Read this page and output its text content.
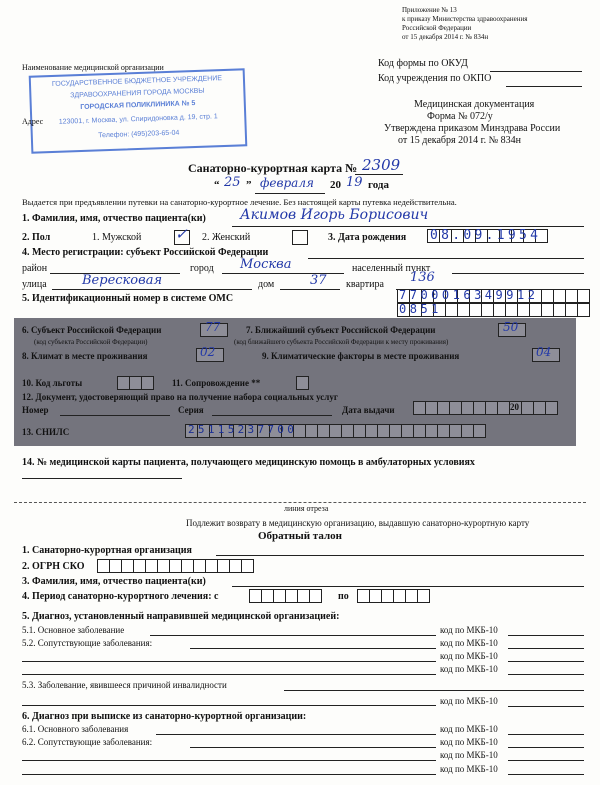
Приложение № 13
к приказу Министерства здравоохранения
Российской Федерации
от 15 декабря 2014 г. № 834н
Наименование медицинской организации	Код формы по ОКУД
Код учреждения по ОКПО
Медицинская документация
Форма № 072/у
Утверждена приказом Минздрава России
от 15 декабря 2014 г. № 834н
ГОСУДАРСТВЕННОЕ БЮДЖЕТНОЕ УЧРЕЖДЕНИЕ
ЗДРАВООХРАНЕНИЯ ГОРОДА МОСКВЫ
ГОРОДСКАЯ ПОЛИКЛИНИКА № 5
123001, г. Москва, ул. Спиридоновка д. 19, стр. 1
Телефон: (495)203-65-04
Адрес
Санаторно-курортная карта № 2309
“ 25 ” февраля 20 19 года
Выдается при предъявлении путевки на санаторно-курортное лечение. Без настоящей карты путевка недействительна.
1. Фамилия, имя, отчество пациента(ки) Акимов Игорь Борисович
2. Пол	1. Мужской ✓ 2. Женский	3. Дата рождения 08.09.1954
4. Место регистрации: субъект Российской Федерации
район	город Москва	населенный пункт
улица	Вересковая	дом	37 квартира 136
5. Идентификационный номер в системе ОМС	7700016349912
0851
6. Субъект Российской Федерации	77
(код субъекта Российской Федерации)
7. Ближайший субъект Российской Федерации	50
(код ближайшего субъекта Российской Федерации к месту проживания)
8. Климат в месте проживания	02	9. Климатические факторы в месте проживания	04
10. Код льготы	11. Сопровождение **
12. Документ, удостоверяющий право на получение набора социальных услуг
Номер	Серия	Дата выдачи	20
13. СНИЛС	25115237700
14. № медицинской карты пациента, получающего медицинскую помощь в амбулаторных условиях
линия отреза
Подлежит возврату в медицинскую организацию, выдавшую санаторно-курортную карту
Обратный талон
1. Санаторно-курортная организация
2. ОГРН СКО
3. Фамилия, имя, отчество пациента(ки)
4. Период санаторно-курортного лечения: с	по
5. Диагноз, установленный направившей медицинской организацией:
5.1. Основное заболевание	код по МКБ-10
5.2. Сопутствующие заболевания:	код по МКБ-10
код по МКБ-10
код по МКБ-10
5.3. Заболевание, явившееся причиной инвалидности
код по МКБ-10
6. Диагноз при выписке из санаторно-курортной организации:
6.1. Основного заболевания	код по МКБ-10
6.2. Сопутствующие заболевания:	код по МКБ-10
код по МКБ-10
код по МКБ-10
